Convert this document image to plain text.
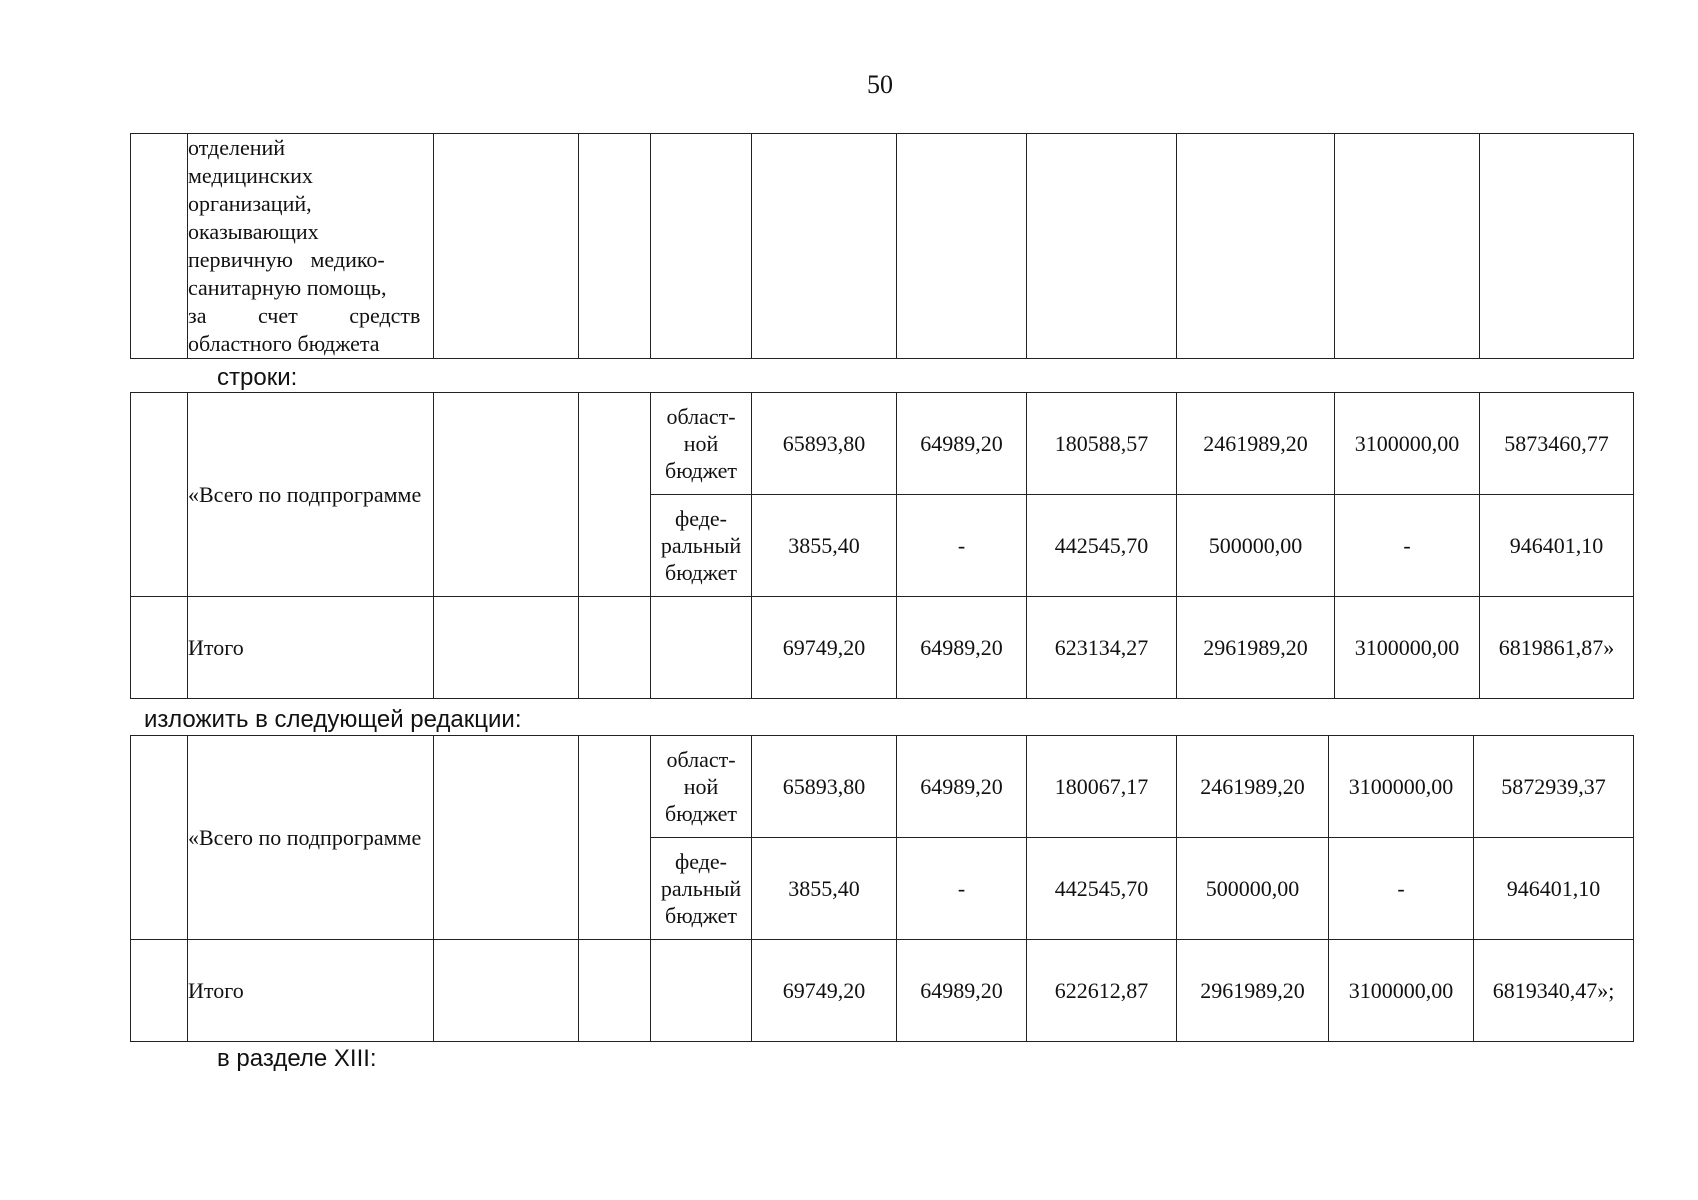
50

отделений
медицинских
организаций,
оказывающих
первичную медико-
санитарную помощь,
за счет средств
областного бюджета

строки:
	«Всего по подпрограмме			област-ной бюджет	65893,80	64989,20	180588,57	2461989,20	3100000,00	5873460,77
				феде-ральный бюджет	3855,40	-	442545,70	500000,00	-	946401,10
	Итого				69749,20	64989,20	623134,27	2961989,20	3100000,00	6819861,87»
изложить в следующей редакции:
	«Всего по подпрограмме			област-ной бюджет	65893,80	64989,20	180067,17	2461989,20	3100000,00	5872939,37
				феде-ральный бюджет	3855,40	-	442545,70	500000,00	-	946401,10
	Итого				69749,20	64989,20	622612,87	2961989,20	3100000,00	6819340,47»;
в разделе XIII:
